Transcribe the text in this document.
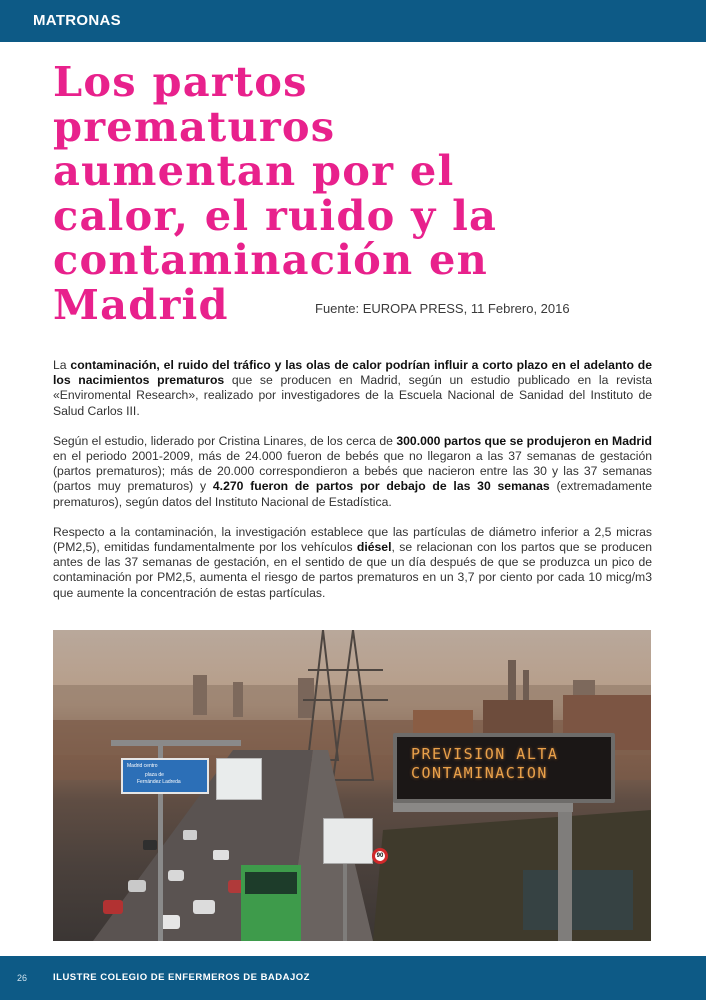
MATRONAS
Los partos
prematuros
aumentan por el
calor, el ruido y la
contaminación en
Madrid	Fuente: EUROPA PRESS, 11 Febrero, 2016

La contaminación, el ruido del tráfico y las olas de calor podrían influir a corto plazo en el adelanto de los nacimientos prematuros que se producen en Madrid, según un estudio publicado en la revista «Enviromental Research», realizado por investigadores de la Escuela Nacional de Sanidad del Instituto de Salud Carlos III.

Según el estudio, liderado por Cristina Linares, de los cerca de 300.000 partos que se produjeron en Madrid en el periodo 2001-2009, más de 24.000 fueron de bebés que no llegaron a las 37 semanas de gestación (partos prematuros); más de 20.000 correspondieron a bebés que nacieron entre las 30 y las 37 semanas (partos muy prematuros) y 4.270 fueron de partos por debajo de las 30 semanas (extremadamente prematuros), según datos del Instituto Nacional de Estadística.

Respecto a la contaminación, la investigación establece que las partículas de diámetro inferior a 2,5 micras (PM2,5), emitidas fundamentalmente por los vehículos diésel, se relacionan con los partos que se producen antes de las 37 semanas de gestación, en el sentido de que un día después de que se produzca un pico de contaminación por PM2,5, aumenta el riesgo de partos prematuros en un 3,7 por ciento por cada 10 micg/m3 que aumente la concentración de estas partículas.

Madrid centro
plaza de
Fernández Ladreda
90
PREVISION ALTA
CONTAMINACION
26	ILUSTRE COLEGIO DE ENFERMEROS DE BADAJOZ
